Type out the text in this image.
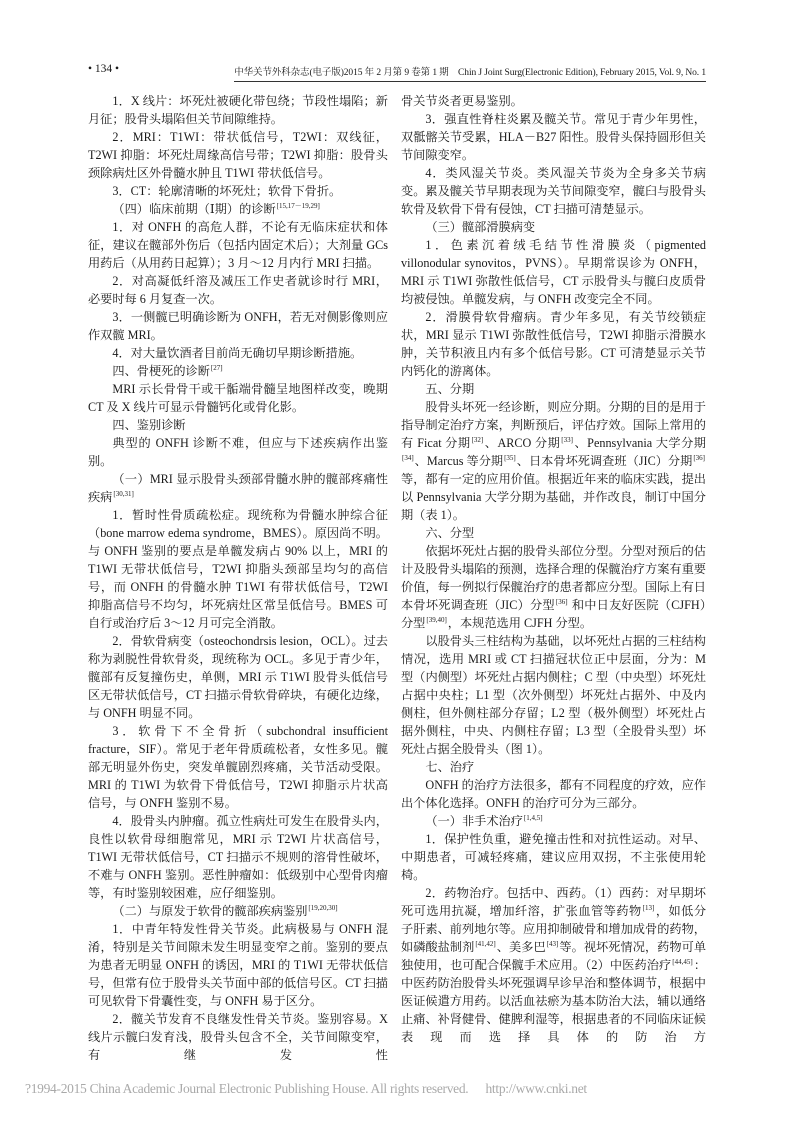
• 134 •	中华关节外科杂志(电子版)2015 年 2 月第 9 卷第 1 期　Chin J Joint Surg(Electronic Edition), February 2015, Vol. 9, No. 1

1．X 线片：坏死灶被硬化带包绕；节段性塌陷；新月征；股骨头塌陷但关节间隙维持。

2．MRI：T1WI：带状低信号，T2WI：双线征，T2WI 抑脂：坏死灶周缘高信号带；T2WI 抑脂：股骨头颈除病灶区外骨髓水肿且 T1WI 带状低信号。

3．CT：轮廓清晰的坏死灶；软骨下骨折。

（四）临床前期（Ⅰ期）的诊断[15,17－19,29]

1．对 ONFH 的高危人群，不论有无临床症状和体征，建议在髋部外伤后（包括内固定术后）；大剂量 GCs 用药后（从用药日起算）；3 月～12 月内行 MRI 扫描。

2．对高凝低纤溶及减压工作史者就诊时行 MRI，必要时每 6 月复查一次。

3．一侧髋已明确诊断为 ONFH，若无对侧影像则应作双髋 MRI。

4．对大量饮酒者目前尚无确切早期诊断措施。

四、骨梗死的诊断[27]

MRI 示长骨骨干或干骺端骨髓呈地图样改变，晚期 CT 及 X 线片可显示骨髓钙化或骨化影。

四、鉴别诊断

典型的 ONFH 诊断不难，但应与下述疾病作出鉴别。

（一）MRI 显示股骨头颈部骨髓水肿的髋部疼痛性疾病[30,31]

1．暂时性骨质疏松症。现统称为骨髓水肿综合征（bone marrow edema syndrome，BMES）。原因尚不明。与 ONFH 鉴别的要点是单髋发病占 90% 以上，MRI 的 T1WI 无带状低信号，T2WI 抑脂头颈部呈均匀的高信号，而 ONFH 的骨髓水肿 T1WI 有带状低信号，T2WI 抑脂高信号不均匀，坏死病灶区常呈低信号。BMES 可自行或治疗后 3～12 月可完全消散。

2．骨软骨病变（osteochondrsis lesion，OCL）。过去称为剥脱性骨软骨炎，现统称为 OCL。多见于青少年，髋部有反复撞伤史，单侧，MRI 示 T1WI 股骨头低信号区无带状低信号，CT 扫描示骨软骨碎块，有硬化边缘，与 ONFH 明显不同。

3．软骨下不全骨折（subchondral insufficient fracture，SIF）。常见于老年骨质疏松者，女性多见。髋部无明显外伤史，突发单髋剧烈疼痛，关节活动受限。MRI 的 T1WI 为软骨下骨低信号，T2WI 抑脂示片状高信号，与 ONFH 鉴别不易。

4．股骨头内肿瘤。孤立性病灶可发生在股骨头内，良性以软骨母细胞常见，MRI 示 T2WI 片状高信号，T1WI 无带状低信号，CT 扫描示不规则的溶骨性破坏，不难与 ONFH 鉴别。恶性肿瘤如：低级别中心型骨肉瘤等，有时鉴别较困难，应仔细鉴别。

（二）与原发于软骨的髋部疾病鉴别[19,20,30]

1．中青年特发性骨关节炎。此病极易与 ONFH 混淆，特别是关节间隙未发生明显变窄之前。鉴别的要点为患者无明显 ONFH 的诱因，MRI 的 T1WI 无带状低信号，但常有位于股骨头关节面中部的低信号区。CT 扫描可见软骨下骨囊性变，与 ONFH 易于区分。

2．髋关节发育不良继发性骨关节炎。鉴别容易。X 线片示髋臼发育浅，股骨头包含不全，关节间隙变窄，有继发性

骨关节炎者更易鉴别。

3．强直性脊柱炎累及髋关节。常见于青少年男性，双骶髂关节受累，HLA－B27 阳性。股骨头保持圆形但关节间隙变窄。

4．类风湿关节炎。类风湿关节炎为全身多关节病变。累及髋关节早期表现为关节间隙变窄，髋臼与股骨头软骨及软骨下骨有侵蚀，CT 扫描可清楚显示。

（三）髋部滑膜病变

1．色素沉着绒毛结节性滑膜炎（pigmented villonodular synovitos，PVNS）。早期常误诊为 ONFH，MRI 示 T1WI 弥散性低信号，CT 示股骨头与髋臼皮质骨均被侵蚀。单髋发病，与 ONFH 改变完全不同。

2．滑膜骨软骨瘤病。青少年多见，有关节绞锁症状，MRI 显示 T1WI 弥散性低信号，T2WI 抑脂示滑膜水肿，关节积液且内有多个低信号影。CT 可清楚显示关节内钙化的游离体。

五、分期

股骨头坏死一经诊断，则应分期。分期的目的是用于指导制定治疗方案，判断预后，评估疗效。国际上常用的有 Ficat 分期[32]、ARCO 分期[33]、Pennsylvania 大学分期[34]、Marcus 等分期[35]、日本骨坏死调查班（JIC）分期[36]等，都有一定的应用价值。根据近年来的临床实践，提出以 Pennsylvania 大学分期为基础，并作改良，制订中国分期（表 1）。

六、分型

依据坏死灶占据的股骨头部位分型。分型对预后的估计及股骨头塌陷的预测，选择合理的保髋治疗方案有重要价值，每一例拟行保髋治疗的患者都应分型。国际上有日本骨坏死调查班（JIC）分型[36] 和中日友好医院（CJFH）分型[39,40]，本规范选用 CJFH 分型。

以股骨头三柱结构为基础，以坏死灶占据的三柱结构情况，选用 MRI 或 CT 扫描冠状位正中层面，分为：M 型（内侧型）坏死灶占据内侧柱；C 型（中央型）坏死灶占据中央柱；L1 型（次外侧型）坏死灶占据外、中及内侧柱，但外侧柱部分存留；L2 型（极外侧型）坏死灶占据外侧柱，中央、内侧柱存留；L3 型（全股骨头型）坏死灶占据全股骨头（图 1）。

七、治疗

ONFH 的治疗方法很多，都有不同程度的疗效，应作出个体化选择。ONFH 的治疗可分为三部分。

（一）非手术治疗[1,4,5]

1．保护性负重，避免撞击性和对抗性运动。对早、中期患者，可减轻疼痛，建议应用双拐，不主张使用轮椅。

2．药物治疗。包括中、西药。（1）西药：对早期坏死可选用抗凝，增加纤溶，扩张血管等药物[13]，如低分子肝素、前列地尔等。应用抑制破骨和增加成骨的药物，如磷酸盐制剂[41,42]、美多巴[43]等。视坏死情况，药物可单独使用，也可配合保髋手术应用。（2）中医药治疗[44,45]：中医药防治股骨头坏死强调早诊早治和整体调节，根据中医证候遣方用药。以活血祛瘀为基本防治大法，辅以通络止痛、补肾健骨、健脾利湿等，根据患者的不同临床证候表现而选择具体的防治方

?1994-2015 China Academic Journal Electronic Publishing House. All rights reserved. http://www.cnki.net
